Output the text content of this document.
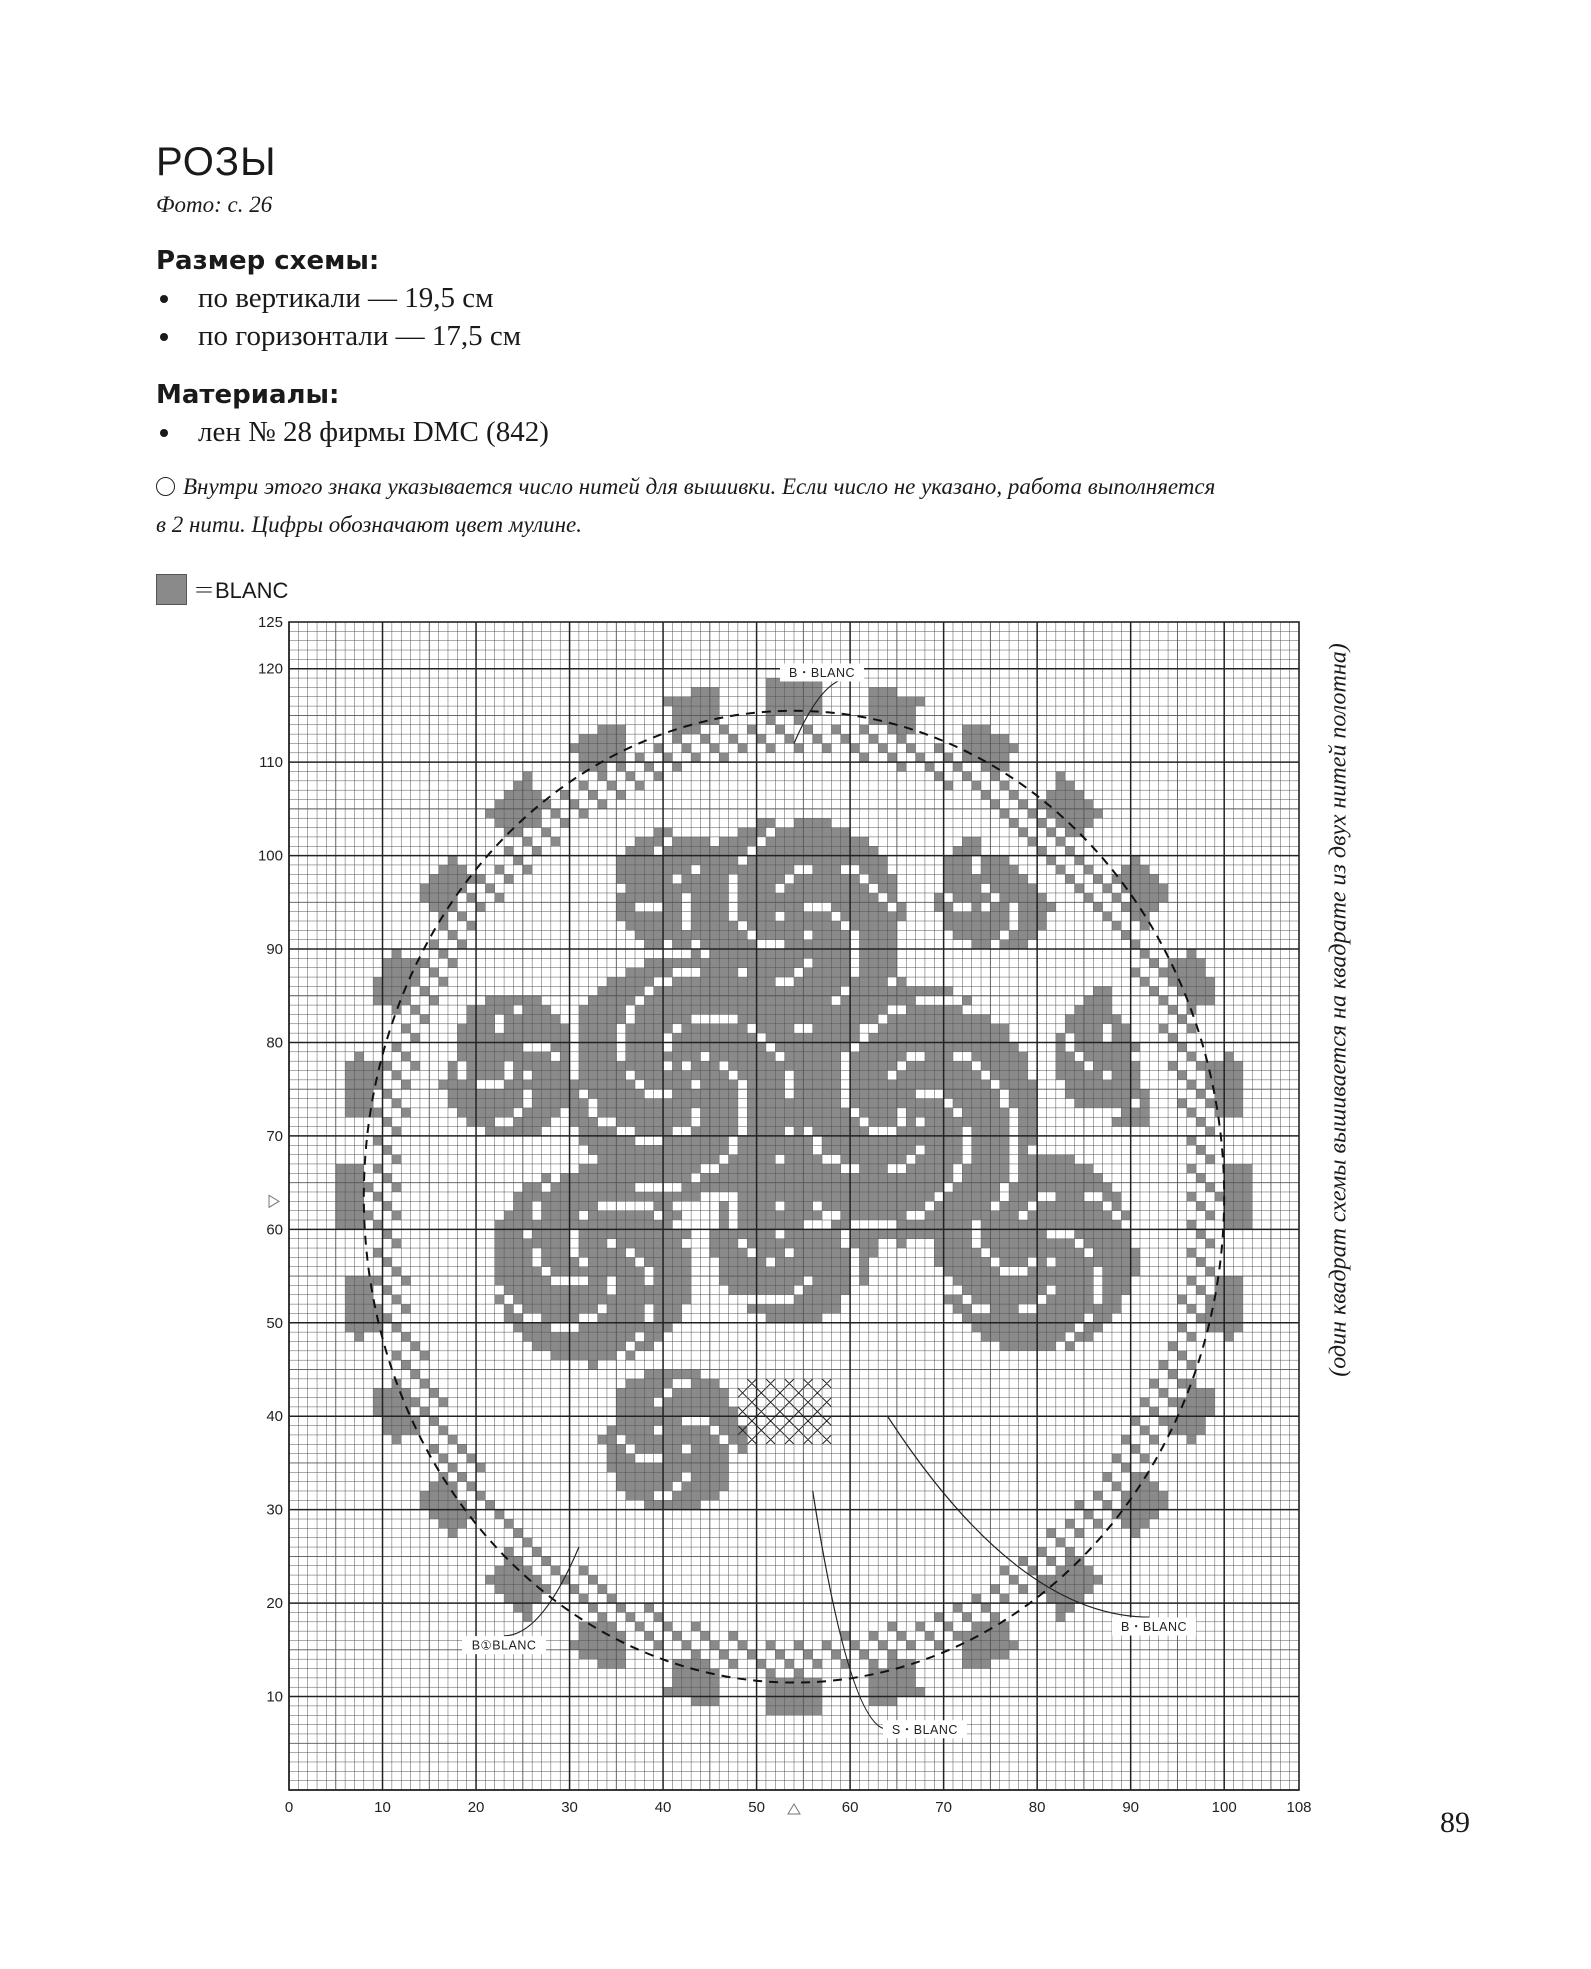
РОЗЫ
Фото: с. 26
Размер схемы:
по вертикали — 19,5 см
по горизонтали — 17,5 см
Материалы:
лен № 28 фирмы DMC (842)
Внутри этого знака указывается число нитей для вышивки. Если число не указано, работа выполняется
в 2 нити. Цифры обозначают цвет мулине.
＝BLANC
(один квадрат схемы вышивается на квадрате из двух нитей полотна)
0	10	20	30	40	50	60	70	80	90	100	108
10
20
30
40
50
60
70
80
90
100
110
120
125
B・BLANC
B①BLANC
B・BLANC
S・BLANC
89
